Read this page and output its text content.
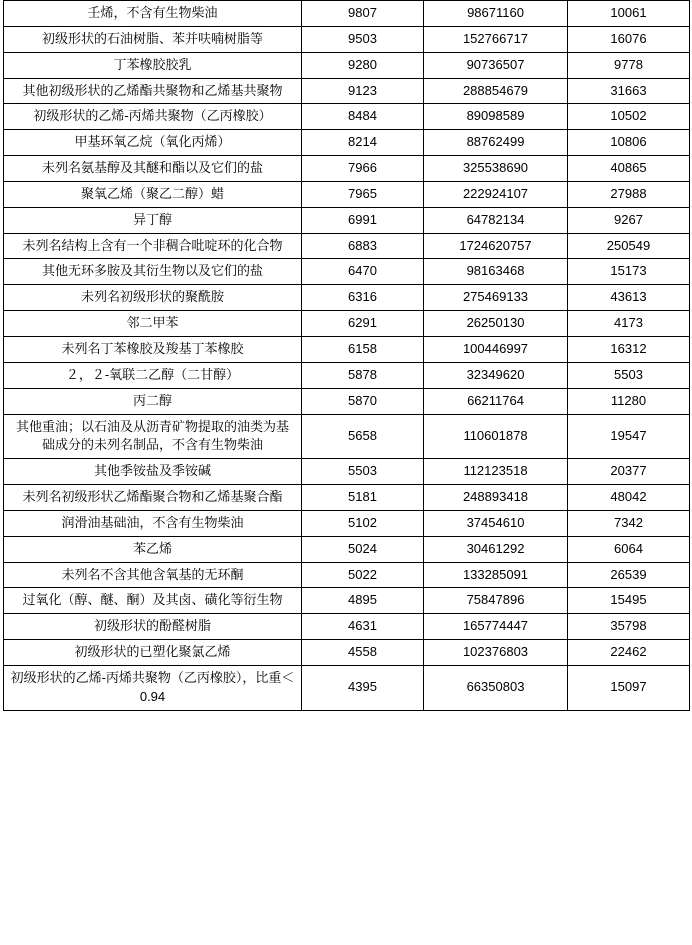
壬烯，不含有生物柴油	9807	98671160	10061
初级形状的石油树脂、苯并呋喃树脂等	9503	152766717	16076
丁苯橡胶胶乳	9280	90736507	9778
其他初级形状的乙烯酯共聚物和乙烯基共聚物	9123	288854679	31663
初级形状的乙烯-丙烯共聚物（乙丙橡胶）	8484	89098589	10502
甲基环氧乙烷（氧化丙烯）	8214	88762499	10806
未列名氨基醇及其醚和酯以及它们的盐	7966	325538690	40865
聚氧乙烯（聚乙二醇）蜡	7965	222924107	27988
异丁醇	6991	64782134	9267
未列名结构上含有一个非稠合吡啶环的化合物	6883	1724620757	250549
其他无环多胺及其衍生物以及它们的盐	6470	98163468	15173
未列名初级形状的聚酰胺	6316	275469133	43613
邻二甲苯	6291	26250130	4173
未列名丁苯橡胶及羧基丁苯橡胶	6158	100446997	16312
２，２-氧联二乙醇（二甘醇）	5878	32349620	5503
丙二醇	5870	66211764	11280
其他重油；以石油及从沥青矿物提取的油类为基础成分的未列名制品，不含有生物柴油	5658	110601878	19547
其他季铵盐及季铵碱	5503	112123518	20377
未列名初级形状乙烯酯聚合物和乙烯基聚合酯	5181	248893418	48042
润滑油基础油，不含有生物柴油	5102	37454610	7342
苯乙烯	5024	30461292	6064
未列名不含其他含氧基的无环酮	5022	133285091	26539
过氧化（醇、醚、酮）及其卤、磺化等衍生物	4895	75847896	15495
初级形状的酚醛树脂	4631	165774447	35798
初级形状的已塑化聚氯乙烯	4558	102376803	22462
初级形状的乙烯-丙烯共聚物（乙丙橡胶），比重＜0.94	4395	66350803	15097
